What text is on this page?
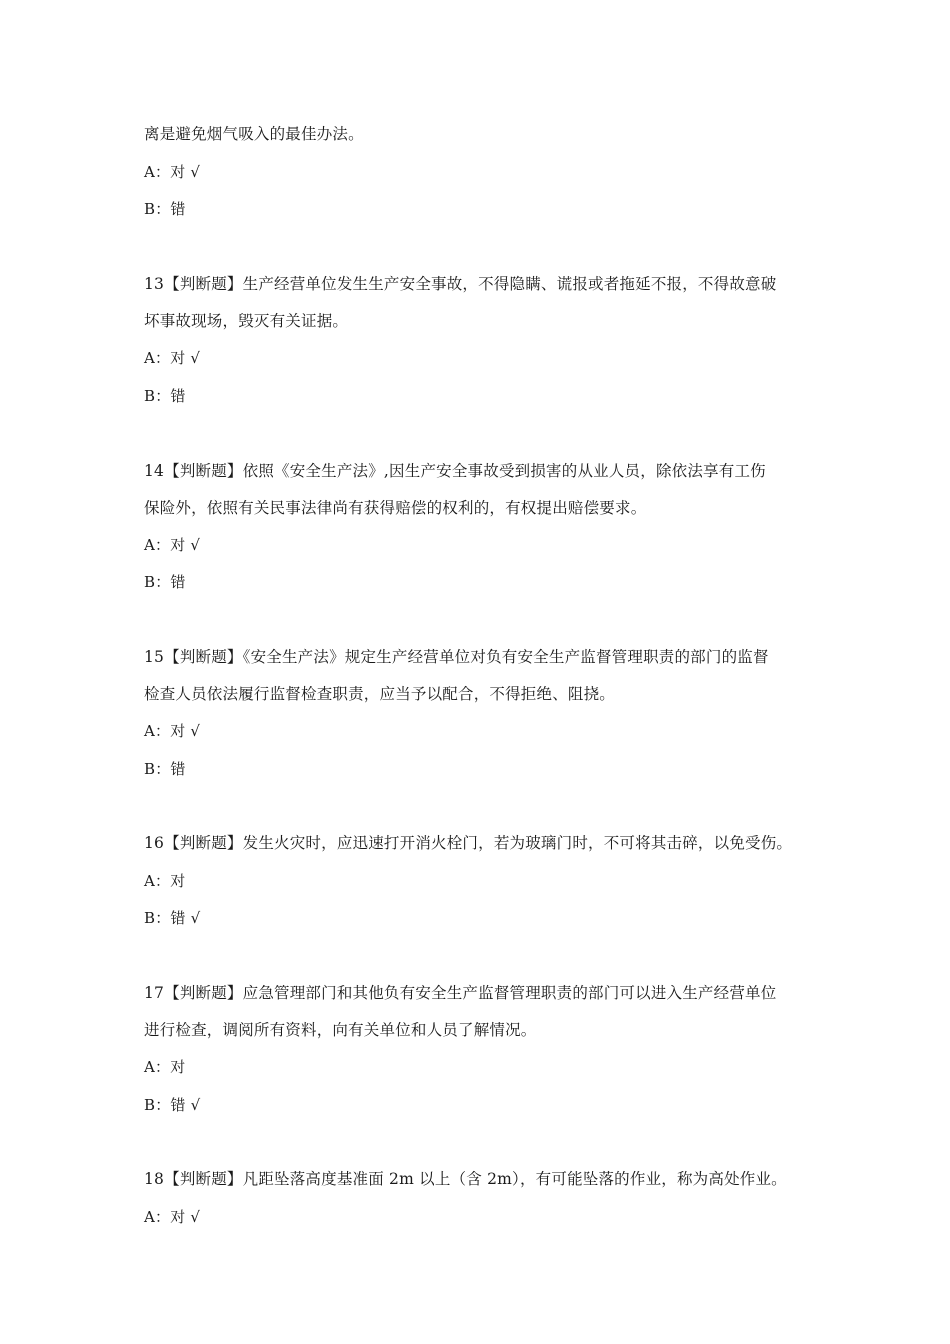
离是避免烟气吸入的最佳办法。
A：对 √
B：错
13【判断题】生产经营单位发生生产安全事故，不得隐瞒、谎报或者拖延不报，不得故意破
坏事故现场，毁灭有关证据。
A：对 √
B：错
14【判断题】依照《安全生产法》,因生产安全事故受到损害的从业人员，除依法享有工伤
保险外，依照有关民事法律尚有获得赔偿的权利的，有权提出赔偿要求。
A：对 √
B：错
15【判断题】《安全生产法》规定生产经营单位对负有安全生产监督管理职责的部门的监督
检查人员依法履行监督检查职责，应当予以配合，不得拒绝、阻挠。
A：对 √
B：错
16【判断题】发生火灾时，应迅速打开消火栓门，若为玻璃门时，不可将其击碎，以免受伤。
A：对
B：错 √
17【判断题】应急管理部门和其他负有安全生产监督管理职责的部门可以进入生产经营单位
进行检查，调阅所有资料，向有关单位和人员了解情况。
A：对
B：错 √
18【判断题】凡距坠落高度基准面 2m 以上（含 2m），有可能坠落的作业，称为高处作业。
A：对 √
